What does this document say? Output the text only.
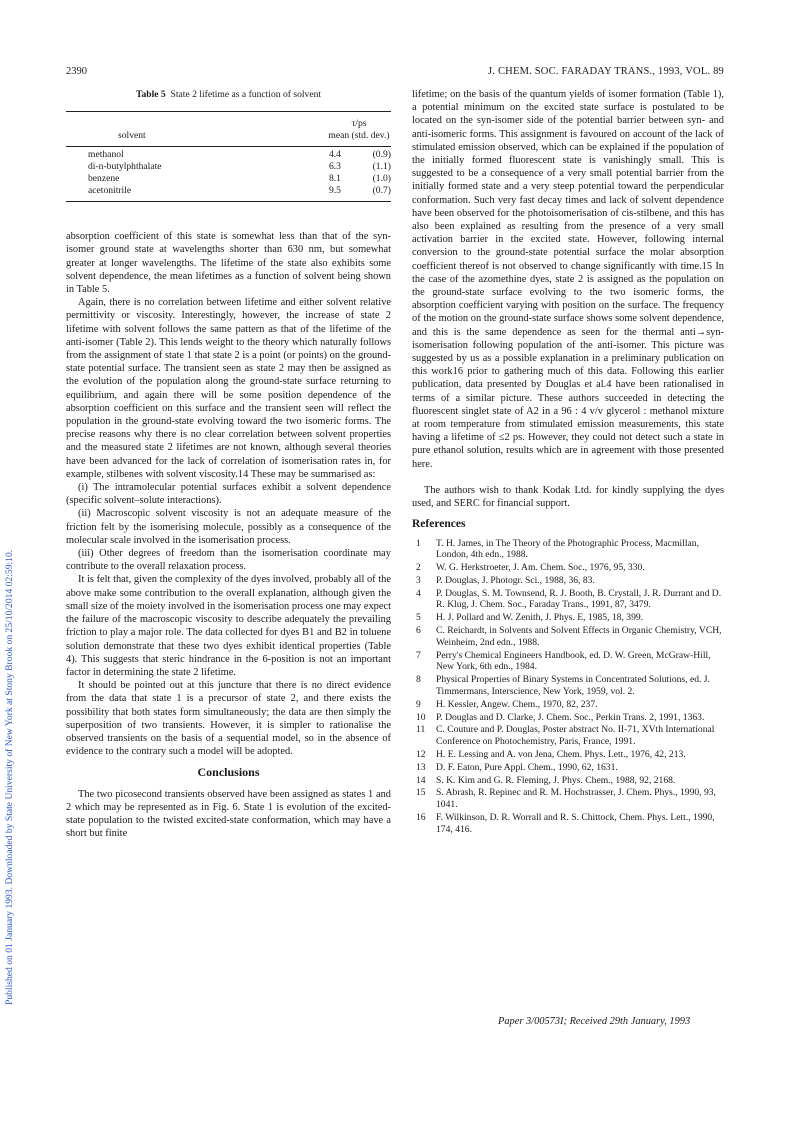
Published on 01 January 1993. Downloaded by State University of New York at Stony Brook on 25/10/2014 02:59:10.
2390	J. CHEM. SOC. FARADAY TRANS., 1993, VOL. 89
Table 5 State 2 lifetime as a function of solvent
solvent	τ/ps
mean (std. dev.)	

methanol	4.4	(0.9)
di-n-butylphthalate	6.3	(1.1)
benzene	8.1	(1.0)
acetonitrile	9.5	(0.7)

absorption coefficient of this state is somewhat less than that of the syn-isomer ground state at wavelengths shorter than 630 nm, but somewhat greater at longer wavelengths. The lifetime of the state also exhibits some solvent dependence, the mean lifetimes as a function of solvent being shown in Table 5.

Again, there is no correlation between lifetime and either solvent relative permittivity or viscosity. Interestingly, however, the increase of state 2 lifetime with solvent follows the same pattern as that of the lifetime of the anti-isomer (Table 2). This lends weight to the theory which naturally follows from the assignment of state 1 that state 2 is a point (or points) on the ground-state potential surface. The transient seen as state 2 may then be assigned as the evolution of the population along the ground-state surface returning to equilibrium, and again there will be some position dependence of the absorption coefficient on this surface and the transient seen will reflect the population in the ground-state evolving toward the two isomeric forms. The precise reasons why there is no clear correlation between solvent properties and the measured state 2 lifetimes are not known, although several theories have been advanced for the lack of correlation of isomerisation rates in, for example, stilbenes with solvent viscosity.14 These may be summarised as:

(i) The intramolecular potential surfaces exhibit a solvent dependence (specific solvent–solute interactions).

(ii) Macroscopic solvent viscosity is not an adequate measure of the friction felt by the isomerising molecule, possibly as a consequence of the molecular scale involved in the isomerisation process.

(iii) Other degrees of freedom than the isomerisation coordinate may contribute to the overall relaxation process.

It is felt that, given the complexity of the dyes involved, probably all of the above make some contribution to the overall explanation, although given the small size of the moiety involved in the isomerisation process one may expect the failure of the macroscopic viscosity to describe adequately the prevailing friction to play a major role. The data collected for dyes B1 and B2 in toluene solution demonstrate that these two dyes exhibit identical properties (Table 4). This suggests that steric hindrance in the 6-position is not an important factor in determining the state 2 lifetime.

It should be pointed out at this juncture that there is no direct evidence from the data that state 1 is a precursor of state 2, and there exists the possibility that both states form simultaneously; the data are then simply the superposition of two transients. However, it is simpler to rationalise the observed transients on the basis of a sequential model, so in the absence of evidence to the contrary such a model will be adopted.

Conclusions

The two picosecond transients observed have been assigned as states 1 and 2 which may be represented as in Fig. 6. State 1 is evolution of the excited-state population to the twisted excited-state conformation, which may have a short but finite

lifetime; on the basis of the quantum yields of isomer formation (Table 1), a potential minimum on the excited state surface is postulated to be located on the syn-isomer side of the potential barrier between syn- and anti-isomeric forms. This assignment is favoured on account of the lack of stimulated emission observed, which can be explained if the population of the initially formed fluorescent state is vanishingly small. This is suggested to be a consequence of a very small potential barrier from the initially formed state and a very steep potential toward the perpendicular conformation. Such very fast decay times and lack of solvent dependence have been observed for the photoisomerisation of cis-stilbene, and this has also been explained as resulting from the presence of a very small activation barrier in the excited state. However, following internal conversion to the ground-state potential surface the molar absorption coefficient thereof is not observed to change significantly with time.15 In the case of the azomethine dyes, state 2 is assigned as the population on the ground-state surface evolving to the two isomeric forms, the absorption coefficient varying with position on the surface. The frequency of the motion on the ground-state surface shows some solvent dependence, and this is the same dependence as seen for the thermal anti→syn-isomerisation following population of the anti-isomer. This picture was suggested by us as a possible explanation in a preliminary publication on this work16 prior to gathering much of this data. Following this earlier publication, data presented by Douglas et al.4 have been rationalised in terms of a similar picture. These authors succeeded in detecting the fluorescent singlet state of A2 in a 96 : 4 v/v glycerol : methanol mixture at room temperature from stimulated emission measurements, this state having a lifetime of ≤2 ps. However, they could not detect such a state in pure ethanol solution, results which are in agreement with those presented here.

The authors wish to thank Kodak Ltd. for kindly supplying the dyes used, and SERC for financial support.

References
1	T. H. James, in The Theory of the Photographic Process, Macmillan, London, 4th edn., 1988.
2	W. G. Herkstroeter, J. Am. Chem. Soc., 1976, 95, 330.
3	P. Douglas, J. Photogr. Sci., 1988, 36, 83.
4	P. Douglas, S. M. Townsend, R. J. Booth, B. Crystall, J. R. Durrant and D. R. Klug, J. Chem. Soc., Faraday Trans., 1991, 87, 3479.
5	H. J. Pollard and W. Zenith, J. Phys. E, 1985, 18, 399.
6	C. Reichardt, in Solvents and Solvent Effects in Organic Chemistry, VCH, Weinheim, 2nd edn., 1988.
7	Perry's Chemical Engineers Handbook, ed. D. W. Green, McGraw-Hill, New York, 6th edn., 1984.
8	Physical Properties of Binary Systems in Concentrated Solutions, ed. J. Timmermans, Interscience, New York, 1959, vol. 2.
9	H. Kessler, Angew. Chem., 1970, 82, 237.
10	P. Douglas and D. Clarke, J. Chem. Soc., Perkin Trans. 2, 1991, 1363.
11	C. Couture and P. Douglas, Poster abstract No. II-71, XVth International Conference on Photochemistry, Paris, France, 1991.
12	H. E. Lessing and A. von Jena, Chem. Phys. Lett., 1976, 42, 213.
13	D. F. Eaton, Pure Appl. Chem., 1990, 62, 1631.
14	S. K. Kim and G. R. Fleming, J. Phys. Chem., 1988, 92, 2168.
15	S. Abrash, R. Repinec and R. M. Hochstrasser, J. Chem. Phys., 1990, 93, 1041.
16	F. Wilkinson, D. R. Worrall and R. S. Chittock, Chem. Phys. Lett., 1990, 174, 416.
Paper 3/00573I; Received 29th January, 1993
